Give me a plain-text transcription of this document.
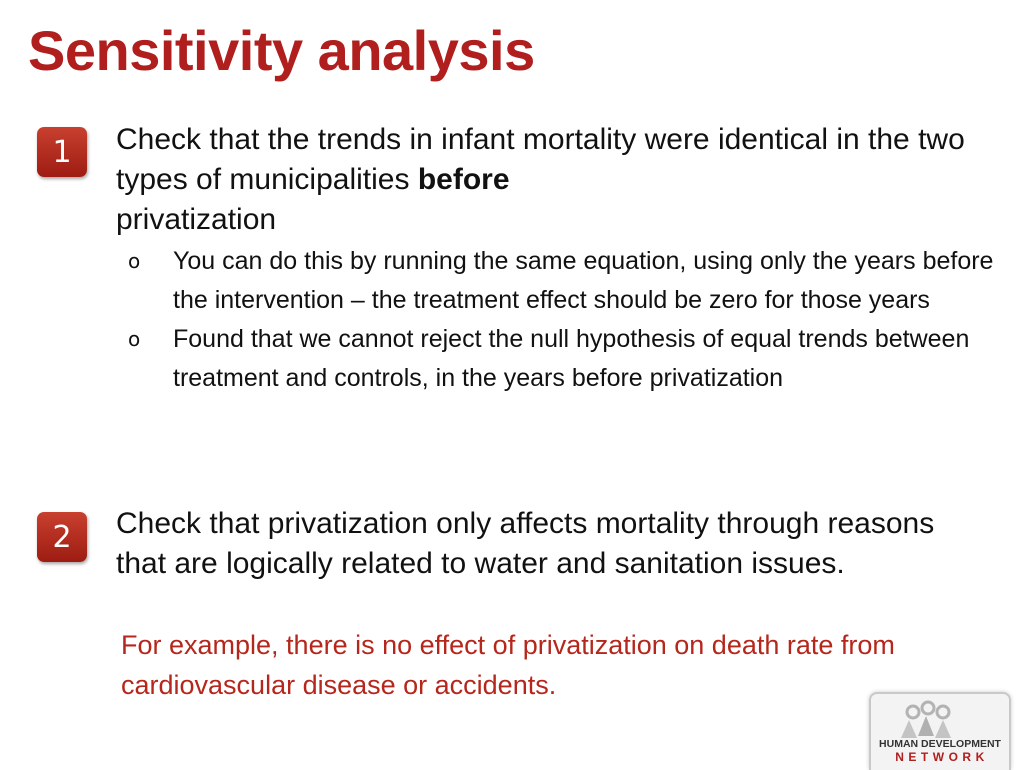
Sensitivity analysis
1	Check that the trends in infant mortality were identical in the two types of municipalities before
privatization
o You can do this by running the same equation, using only the years before the intervention – the treatment effect should be zero for those years
o Found that we cannot reject the null hypothesis of equal trends between treatment and controls, in the years before privatization
2	Check that privatization only affects mortality through reasons that are logically related to water and sanitation issues.
For example, there is no effect of privatization on death rate from cardiovascular disease or accidents.
HUMAN DEVELOPMENT
NETWORK
